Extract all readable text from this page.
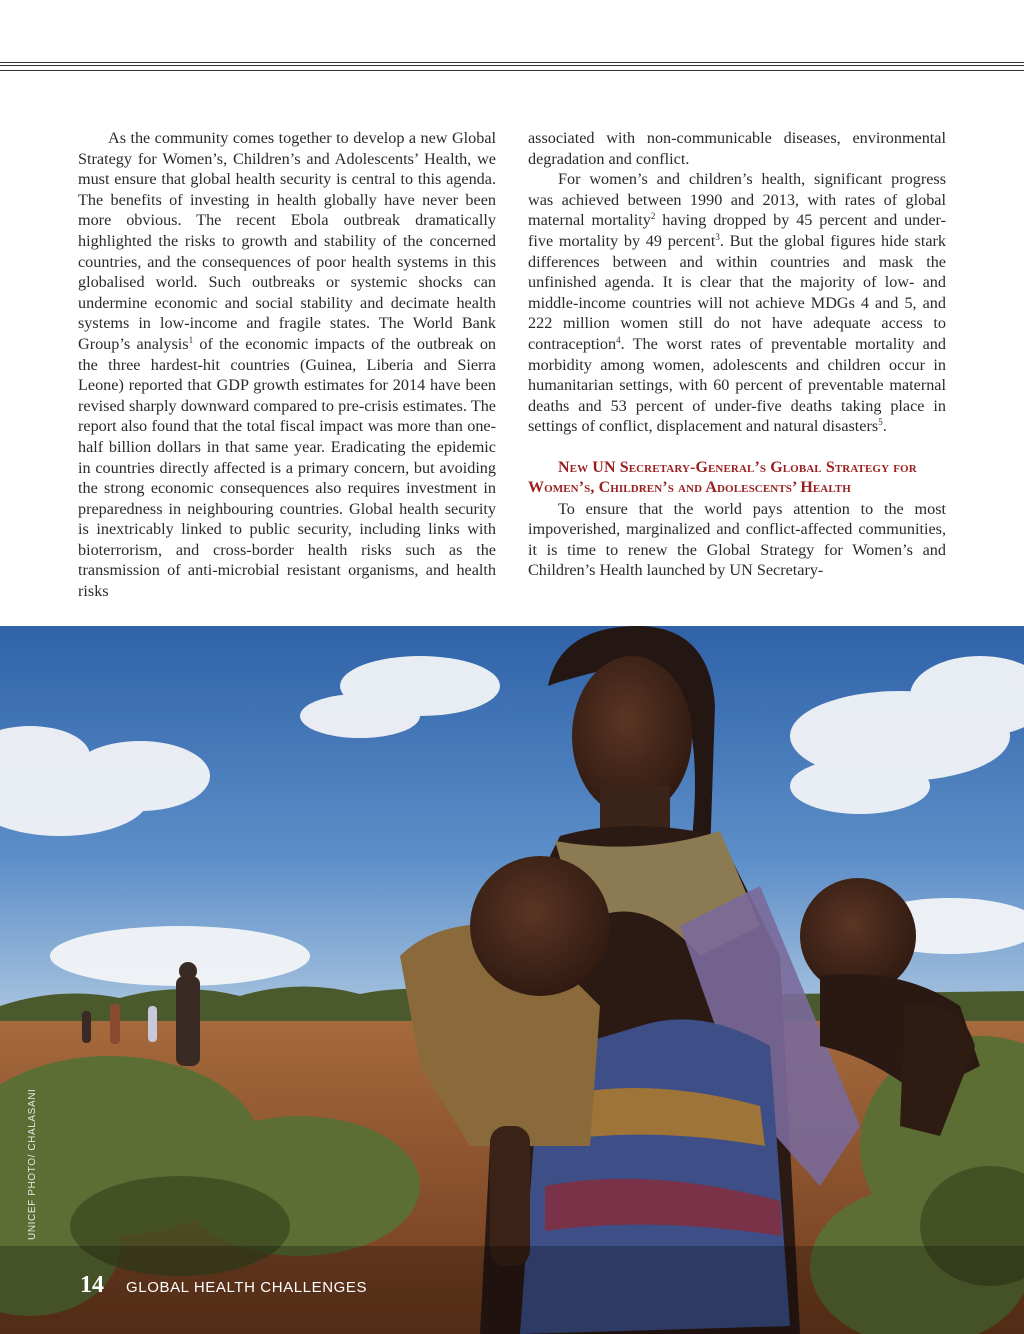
As the community comes together to develop a new Global Strategy for Women’s, Children’s and Adolescents’ Health, we must ensure that global health security is central to this agenda. The benefits of investing in health globally have never been more obvious. The recent Ebola outbreak dramatically highlighted the risks to growth and stability of the concerned countries, and the consequences of poor health systems in this globalised world. Such outbreaks or systemic shocks can undermine economic and social stability and decimate health systems in low-income and fragile states. The World Bank Group’s analysis$^1$ of the economic impacts of the outbreak on the three hardest-hit countries (Guinea, Liberia and Sierra Leone) reported that GDP growth estimates for 2014 have been revised sharply downward compared to pre-crisis estimates. The report also found that the total fiscal impact was more than one-half billion dollars in that same year. Eradicating the epidemic in countries directly affected is a primary concern, but avoiding the strong economic consequences also requires investment in preparedness in neighbouring countries. Global health security is inextricably linked to public security, including links with bioterrorism, and cross-border health risks such as the transmission of anti-microbial resistant organisms, and health risks

associated with non-communicable diseases, environmental degradation and conflict.

For women’s and children’s health, significant progress was achieved between 1990 and 2013, with rates of global maternal mortality$^2$ having dropped by 45 percent and under-five mortality by 49 percent$^3$. But the global figures hide stark differences between and within countries and mask the unfinished agenda. It is clear that the majority of low- and middle-income countries will not achieve MDGs 4 and 5, and 222 million women still do not have adequate access to contraception$^4$. The worst rates of preventable mortality and morbidity among women, adolescents and children occur in humanitarian settings, with 60 percent of preventable maternal deaths and 53 percent of under-five deaths taking place in settings of conflict, displacement and natural disasters$^5$.

New UN Secretary-General’s Global Strategy for Women’s, Children’s and Adolescents’ Health

To ensure that the world pays attention to the most impoverished, marginalized and conflict-affected communities, it is time to renew the Global Strategy for Women’s and Children’s Health launched by UN Secretary-

UNICEF PHOTO/ CHALASANI
14 GLOBAL HEALTH CHALLENGES
